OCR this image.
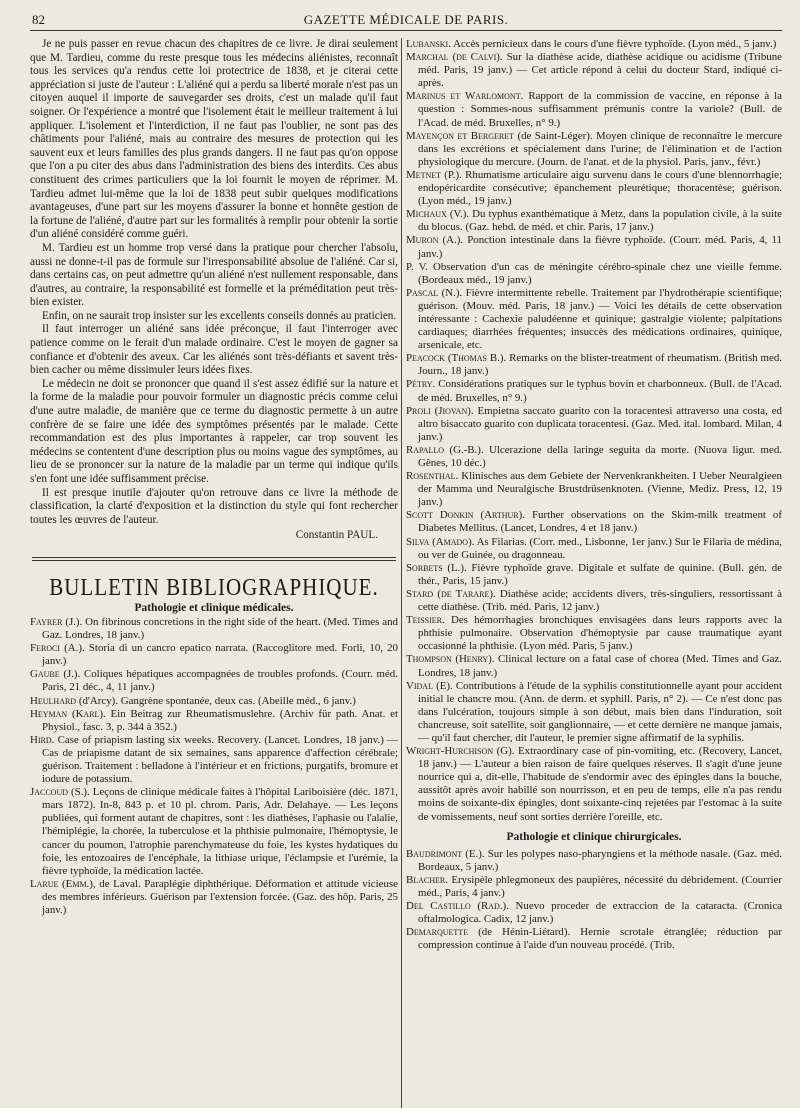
82	GAZETTE MÉDICALE DE PARIS.

Je ne puis passer en revue chacun des chapitres de ce livre. Je dirai seulement que M. Tardieu, comme du reste presque tous les médecins aliénistes, reconnaît tous les services qu'a rendus cette loi protectrice de 1838, et je citerai cette appréciation si juste de l'auteur : L'aliéné qui a perdu sa liberté morale n'est pas un citoyen auquel il importe de sauvegarder ses droits, c'est un malade qu'il faut soigner. Or l'expérience a montré que l'isolement était le meilleur traitement à lui appliquer. L'isolement et l'interdiction, il ne faut pas l'oublier, ne sont pas des châtiments pour l'aliéné, mais au contraire des mesures de protection qui les sauvent eux et leurs familles des plus grands dangers. Il ne faut pas qu'on oppose que l'on a pu citer des abus dans l'administration des biens des interdits. Ces abus constituent des crimes particuliers que la loi fournit le moyen de réprimer. M. Tardieu admet lui-même que la loi de 1838 peut subir quelques modifications avantageuses, d'une part sur les moyens d'assurer la bonne et honnête gestion de la fortune de l'aliéné, d'autre part sur les formalités à remplir pour obtenir la sortie d'un aliéné considéré comme guéri.

M. Tardieu est un homme trop versé dans la pratique pour chercher l'absolu, aussi ne donne-t-il pas de formule sur l'irresponsabilité absolue de l'aliéné. Car si, dans certains cas, on peut admettre qu'un aliéné n'est nullement responsable, dans d'autres, au contraire, la responsabilité est formelle et la préméditation peut très-bien exister.

Enfin, on ne saurait trop insister sur les excellents conseils donnés au praticien.

Il faut interroger un aliéné sans idée préconçue, il faut l'interroger avec patience comme on le ferait d'un malade ordinaire. C'est le moyen de gagner sa confiance et d'obtenir des aveux. Car les aliénés sont très-défiants et savent très-bien cacher ou même dissimuler leurs idées fixes.

Le médecin ne doit se prononcer que quand il s'est assez édifié sur la nature et la forme de la maladie pour pouvoir formuler un diagnostic précis comme celui d'une autre maladie, de manière que ce terme du diagnostic permette à un autre confrère de se faire une idée des symptômes présentés par le malade. Cette recommandation est des plus importantes à rappeler, car trop souvent les médecins se contentent d'une description plus ou moins vague des symptômes, au lieu de se prononcer sur la nature de la maladie par un terme qui indique qu'ils s'en font une idée suffisamment précise.

Il est presque inutile d'ajouter qu'on retrouve dans ce livre la méthode de classification, la clarté d'exposition et la distinction du style qui font rechercher toutes les œuvres de l'auteur.

Constantin PAUL.

BULLETIN BIBLIOGRAPHIQUE.
Pathologie et clinique médicales.

Fayrer (J.). On fibrinous concretions in the right side of the heart. (Med. Times and Gaz. Londres, 18 janv.)

Feroci (A.). Storia di un cancro epatico narrata. (Raccoglitore med. Forli, 10, 20 janv.)

Gaube (J.). Coliques hépatiques accompagnées de troubles profonds. (Courr. méd. Paris, 21 déc., 4, 11 janv.)

Heulhard (d'Arcy). Gangrène spontanée, deux cas. (Abeille méd., 6 janv.)

Heyman (Karl). Ein Beitrag zur Rheumatismuslehre. (Archiv für path. Anat. et Physiol., fasc. 3, p. 344 à 352.)

Hird. Case of priapism lasting six weeks. Recovery. (Lancet. Londres, 18 janv.) — Cas de priapisme datant de six semaines, sans apparence d'affection cérébrale; guérison. Traitement : belladone à l'intérieur et en frictions, purgatifs, bromure et iodure de potassium.

Jaccoud (S.). Leçons de clinique médicale faites à l'hôpital Lariboisière (déc. 1871, mars 1872). In-8, 843 p. et 10 pl. chrom. Paris, Adr. Delahaye. — Les leçons publiées, qui forment autant de chapitres, sont : les diathèses, l'aphasie ou l'alalie, l'hémiplégie, la chorée, la tuberculose et la phthisie pulmonaire, l'hémoptysie, le cancer du poumon, l'atrophie parenchymateuse du foie, les kystes hydatiques du foie, les entozoaires de l'encéphale, la lithiase urique, l'éclampsie et l'urémie, la fièvre typhoïde, la médication lactée.

Larue (Emm.), de Laval. Paraplégie diphthérique. Déformation et attitude vicieuse des membres inférieurs. Guérison par l'extension forcée. (Gaz. des hôp. Paris, 25 janv.)

Lubanski. Accès pernicieux dans le cours d'une fièvre typhoïde. (Lyon méd., 5 janv.)

Marchal (de Calvi). Sur la diathèse acide, diathèse acidique ou acidisme (Tribune méd. Paris, 19 janv.) — Cet article répond à celui du docteur Stard, indiqué ci-après.

Marinus et Warlomont. Rapport de la commission de vaccine, en réponse à la question : Sommes-nous suffisamment prémunis contre la variole? (Bull. de l'Acad. de méd. Bruxelles, n° 9.)

Mayençon et Bergeret (de Saint-Léger). Moyen clinique de reconnaître le mercure dans les excrétions et spécialement dans l'urine; de l'élimination et de l'action physiologique du mercure. (Journ. de l'anat. et de la physiol. Paris, janv., févr.)

Metnet (P.). Rhumatisme articulaire aigu survenu dans le cours d'une blennorrhagie; endopéricardite consécutive; épanchement pleurétique; thoracentèse; guérison. (Lyon méd., 19 janv.)

Michaux (V.). Du typhus exanthématique à Metz, dans la population civile, à la suite du blocus. (Gaz. hebd. de méd. et chir. Paris, 17 janv.)

Muron (A.). Ponction intestinale dans la fièvre typhoïde. (Courr. méd. Paris, 4, 11 janv.)

P. V. Observation d'un cas de méningite cérébro-spinale chez une vieille femme. (Bordeaux méd., 19 janv.)

Pascal (N.). Fièvre intermittente rebelle. Traitement par l'hydrothérapie scientifique; guérison. (Mouv. méd. Paris, 18 janv.) — Voici les détails de cette observation intéressante : Cachexie paludéenne et quinique; gastralgie violente; palpitations cardiaques; diarrhées fréquentes; insuccès des médications ordinaires, quinique, arsenicale, etc.

Peacock (Thomas B.). Remarks on the blister-treatment of rheumatism. (British med. Journ., 18 janv.)

Pétry. Considérations pratiques sur le typhus bovin et charbonneux. (Bull. de l'Acad. de méd. Bruxelles, n° 9.)

Proli (Jiovan). Empietna saccato guarito con la toracentesi attraverso una costa, ed altro bisaccato guarito con duplicata toracentesi. (Gaz. Med. ital. lombard. Milan, 4 janv.)

Rapallo (G.-B.). Ulcerazione della laringe seguita da morte. (Nuova ligur. med. Gênes, 10 déc.)

Rosenthal. Klinisches aus dem Gebiete der Nervenkrankheiten. I Ueber Neuralgieen der Mamma und Neuralgische Brustdrüsenknoten. (Vienne, Mediz. Press, 12, 19 janv.)

Scott Donkin (Arthur). Further observations on the Skim-milk treatment of Diabetes Mellitus. (Lancet, Londres, 4 et 18 janv.)

Silva (Amado). As Filarias. (Corr. med., Lisbonne, 1er janv.) Sur le Filaria de médina, ou ver de Guinée, ou dragonneau.

Sorbets (L.). Fièvre typhoïde grave. Digitale et sulfate de quinine. (Bull. gén. de thér., Paris, 15 janv.)

Stard (de Tarare). Diathèse acide; accidents divers, très-singuliers, ressortissant à cette diathèse. (Trib. méd. Paris, 12 janv.)

Teissier. Des hémorrhagies bronchiques envisagées dans leurs rapports avec la phthisie pulmonaire. Observation d'hémoptysie par cause traumatique ayant occasionné la phthisie. (Lyon méd. Paris, 5 janv.)

Thompson (Henry). Clinical lecture on a fatal case of chorea (Med. Times and Gaz. Londres, 18 janv.)

Vidal (E). Contributions à l'étude de la syphilis constitutionnelle ayant pour accident initial le chancre mou. (Ann. de derm. et syphill. Paris, n° 2). — Ce n'est donc pas dans l'ulcération, toujours simple à son début, mais bien dans l'induration, soit chancreuse, soit satellite, soit ganglionnaire, — et cette dernière ne manque jamais, — qu'il faut chercher, dit l'auteur, le premier signe affirmatif de la syphilis.

Wright-Hurchison (G). Extraordinary case of pin-vomiting, etc. (Recovery, Lancet, 18 janv.) — L'auteur a bien raison de faire quelques réserves. Il s'agit d'une jeune nourrice qui a, dit-elle, l'habitude de s'endormir avec des épingles dans la bouche, aussitôt après avoir habillé son nourrisson, et en peu de temps, elle n'a pas rendu moins de soixante-dix épingles, dont soixante-cinq rejetées par l'estomac à la suite de vomissements, neuf sont sorties derrière l'oreille, etc.

Pathologie et clinique chirurgicales.

Baudrimont (E.). Sur les polypes naso-pharyngiens et la méthode nasale. (Gaz. méd. Bordeaux, 5 janv.)

Blacher. Erysipèle phlegmoneux des paupières, nécessité du débridement. (Courrier méd., Paris, 4 janv.)

Del Castillo (Rad.). Nuevo proceder de extraccion de la cataracta. (Cronica oftalmologica. Cadix, 12 janv.)

Demarquette (de Hénin-Liétard). Hernie scrotale étranglée; réduction par compression continue à l'aide d'un nouveau procédé. (Trib.
